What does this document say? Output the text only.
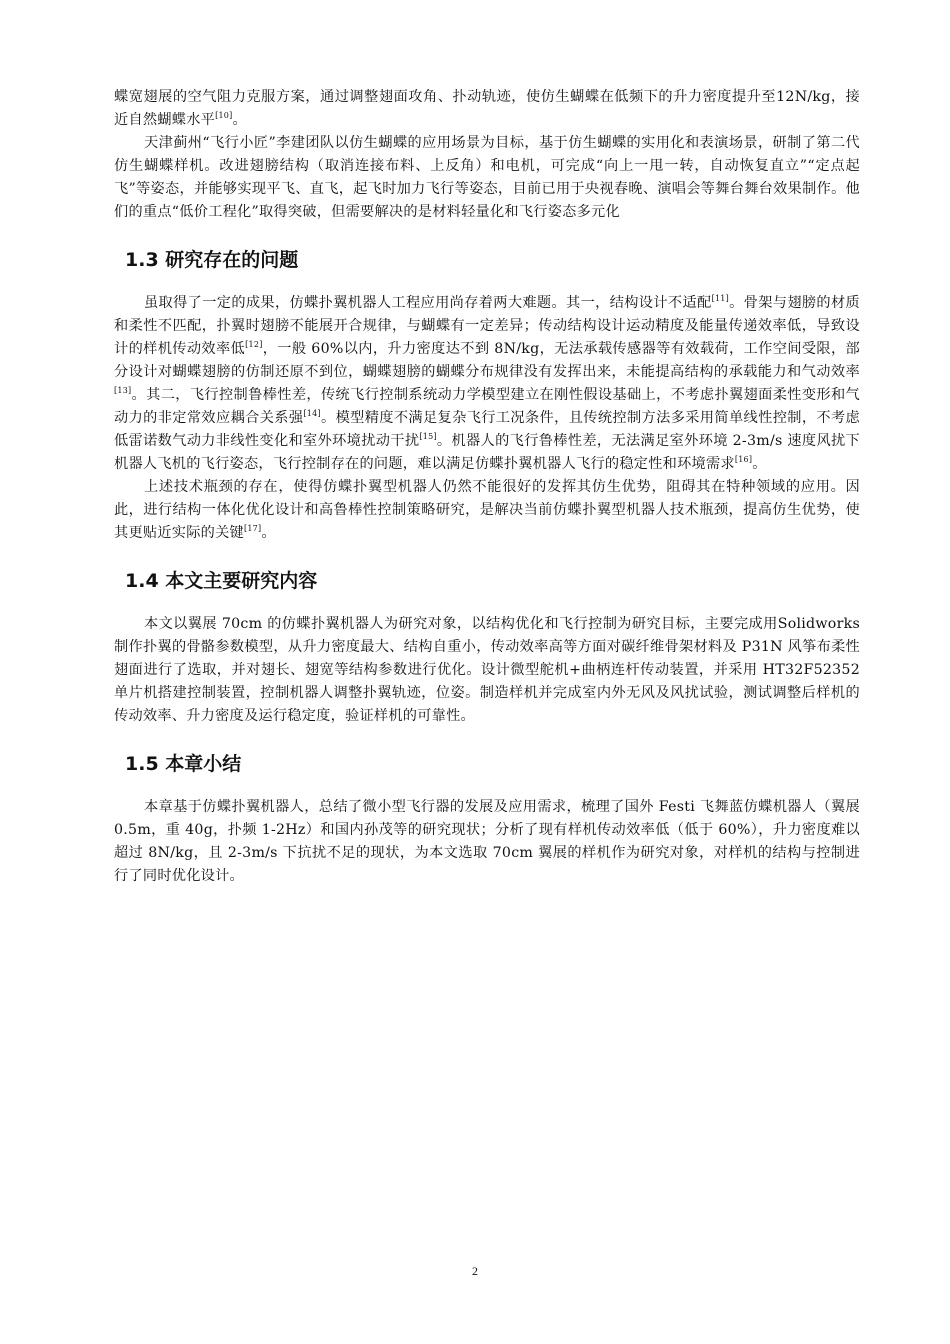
蝶宽翅展的空气阻力克服方案，通过调整翅面攻角、扑动轨迹，使仿生蝴蝶在低频下的升力密度提升至12N/kg，接近自然蝴蝶水平[10]。

天津蓟州“飞行小匠”李建团队以仿生蝴蝶的应用场景为目标，基于仿生蝴蝶的实用化和表演场景，研制了第二代仿生蝴蝶样机。改进翅膀结构（取消连接布料、上反角）和电机，可完成“向上一甩一转，自动恢复直立”“定点起飞”等姿态，并能够实现平飞、直飞，起飞时加力飞行等姿态，目前已用于央视春晚、演唱会等舞台舞台效果制作。他们的重点“低价工程化”取得突破，但需要解决的是材料轻量化和飞行姿态多元化

1.3 研究存在的问题

虽取得了一定的成果，仿蝶扑翼机器人工程应用尚存着两大难题。其一，结构设计不适配[11]。骨架与翅膀的材质和柔性不匹配，扑翼时翅膀不能展开合规律，与蝴蝶有一定差异；传动结构设计运动精度及能量传递效率低，导致设计的样机传动效率低[12]，一般 60%以内，升力密度达不到 8N/kg，无法承载传感器等有效载荷，工作空间受限，部分设计对蝴蝶翅膀的仿制还原不到位，蝴蝶翅膀的蝴蝶分布规律没有发挥出来，未能提高结构的承载能力和气动效率[13]。其二，飞行控制鲁棒性差，传统飞行控制系统动力学模型建立在刚性假设基础上，不考虑扑翼翅面柔性变形和气动力的非定常效应耦合关系强[14]。模型精度不满足复杂飞行工况条件，且传统控制方法多采用简单线性控制，不考虑低雷诺数气动力非线性变化和室外环境扰动干扰[15]。机器人的飞行鲁棒性差，无法满足室外环境 2-3m/s 速度风扰下机器人飞机的飞行姿态，飞行控制存在的问题，难以满足仿蝶扑翼机器人飞行的稳定性和环境需求[16]。

上述技术瓶颈的存在，使得仿蝶扑翼型机器人仍然不能很好的发挥其仿生优势，阻碍其在特种领域的应用。因此，进行结构一体化优化设计和高鲁棒性控制策略研究，是解决当前仿蝶扑翼型机器人技术瓶颈，提高仿生优势，使其更贴近实际的关键[17]。

1.4 本文主要研究内容

本文以翼展 70cm 的仿蝶扑翼机器人为研究对象，以结构优化和飞行控制为研究目标，主要完成用Solidworks 制作扑翼的骨骼参数模型，从升力密度最大、结构自重小，传动效率高等方面对碳纤维骨架材料及 P31N 风筝布柔性翅面进行了选取，并对翅长、翅宽等结构参数进行优化。设计微型舵机+曲柄连杆传动装置，并采用 HT32F52352 单片机搭建控制装置，控制机器人调整扑翼轨迹，位姿。制造样机并完成室内外无风及风扰试验，测试调整后样机的传动效率、升力密度及运行稳定度，验证样机的可靠性。

1.5 本章小结

本章基于仿蝶扑翼机器人，总结了微小型飞行器的发展及应用需求，梳理了国外 Festi 飞舞蓝仿蝶机器人（翼展 0.5m，重 40g，扑频 1-2Hz）和国内孙茂等的研究现状；分析了现有样机传动效率低（低于 60%），升力密度难以超过 8N/kg，且 2-3m/s 下抗扰不足的现状，为本文选取 70cm 翼展的样机作为研究对象，对样机的结构与控制进行了同时优化设计。

2
